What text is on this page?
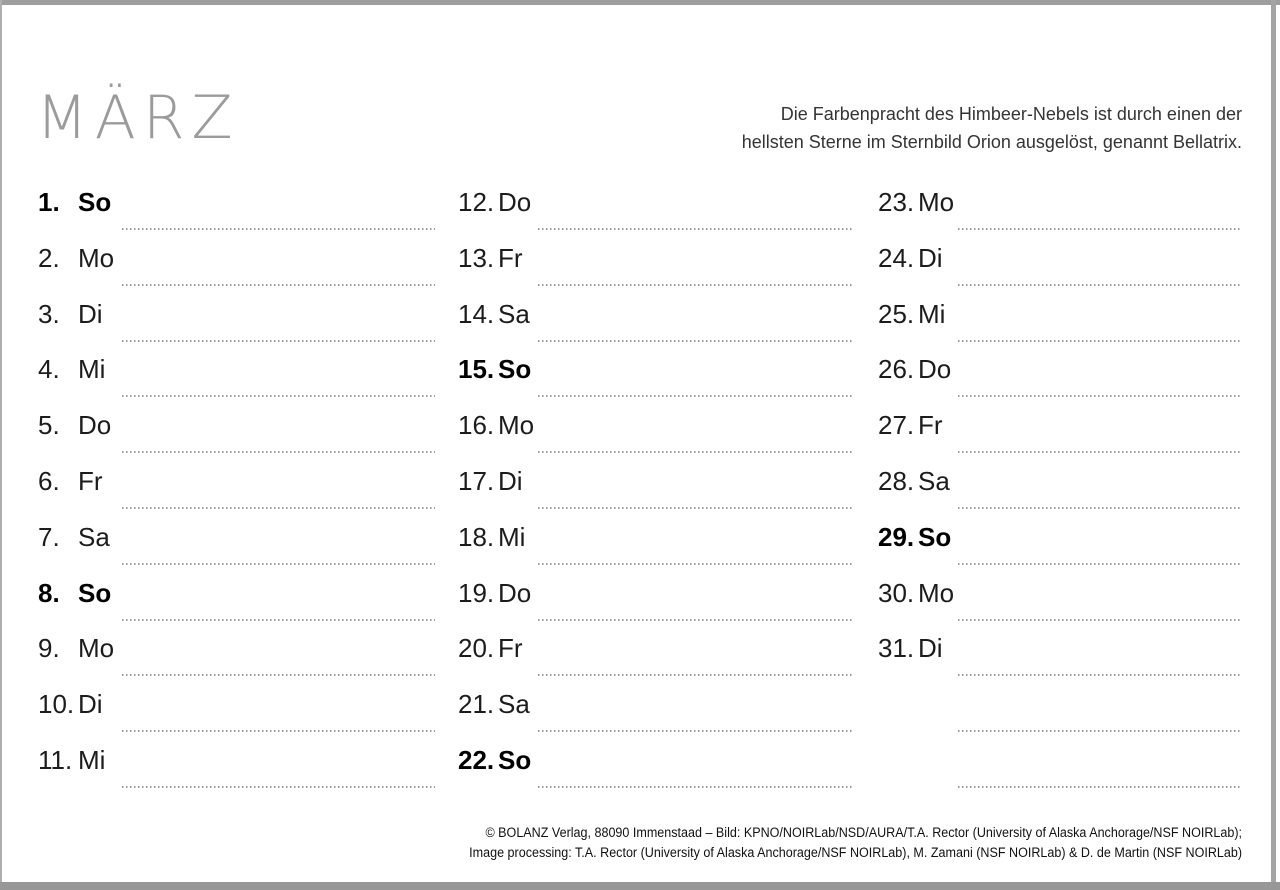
MÄRZ	Die Farbenpracht des Himbeer-Nebels ist durch einen der
hellsten Sterne im Sternbild Orion ausgelöst, genannt Bellatrix.
1. So
2. Mo
3. Di
4. Mi
5. Do
6. Fr
7. Sa
8. So
9. Mo
10. Di
11. Mi
12. Do
13. Fr
14. Sa
15. So
16. Mo
17. Di
18. Mi
19. Do
20. Fr
21. Sa
22. So
23. Mo
24. Di
25. Mi
26. Do
27. Fr
28. Sa
29. So
30. Mo
31. Di
© BOLANZ Verlag, 88090 Immenstaad – Bild: KPNO/NOIRLab/NSD/AURA/T.A. Rector (University of Alaska Anchorage/NSF NOIRLab);
Image processing: T.A. Rector (University of Alaska Anchorage/NSF NOIRLab), M. Zamani (NSF NOIRLab) & D. de Martin (NSF NOIRLab)
